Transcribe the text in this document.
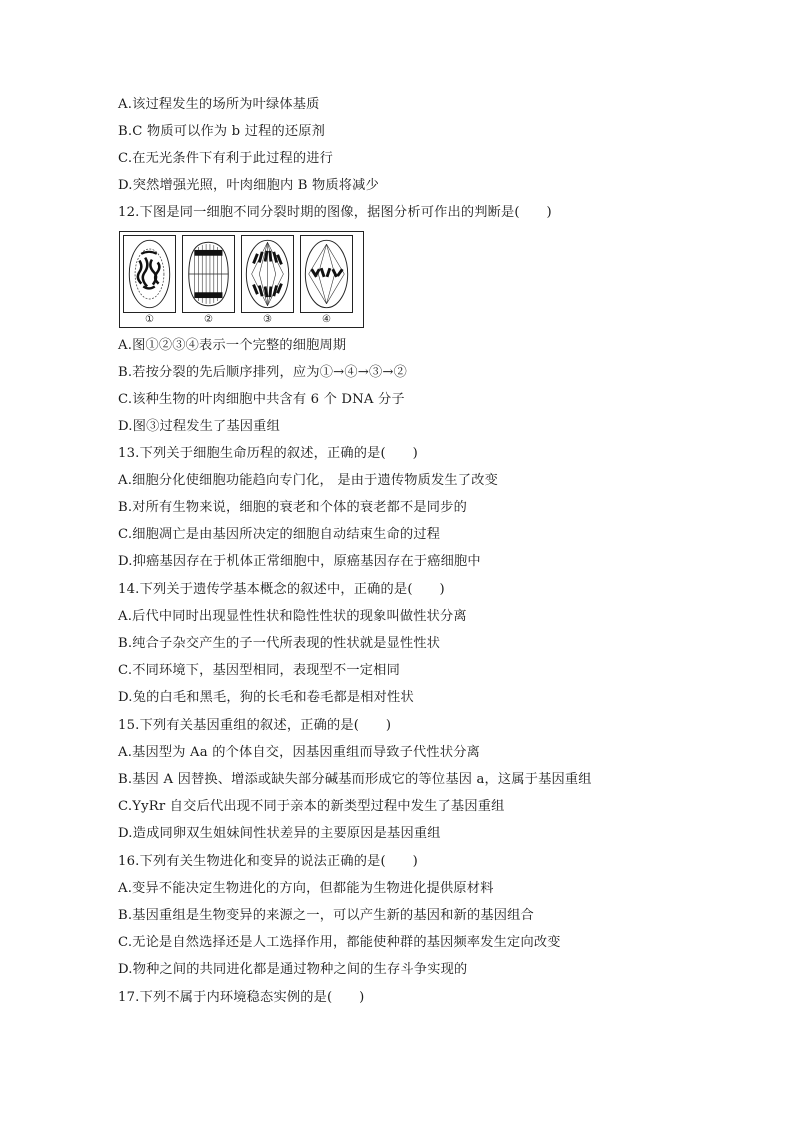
A.该过程发生的场所为叶绿体基质
B.C 物质可以作为 b 过程的还原剂
C.在无光条件下有利于此过程的进行
D.突然增强光照，叶肉细胞内 B 物质将减少
12.下图是同一细胞不同分裂时期的图像，据图分析可作出的判断是(　　)
①	②	③	④
A.图①②③④表示一个完整的细胞周期
B.若按分裂的先后顺序排列，应为①→④→③→②
C.该种生物的叶肉细胞中共含有 6 个 DNA 分子
D.图③过程发生了基因重组
13.下列关于细胞生命历程的叙述，正确的是(　　)
A.细胞分化使细胞功能趋向专门化， 是由于遗传物质发生了改变
B.对所有生物来说，细胞的衰老和个体的衰老都不是同步的
C.细胞凋亡是由基因所决定的细胞自动结束生命的过程
D.抑癌基因存在于机体正常细胞中，原癌基因存在于癌细胞中
14.下列关于遗传学基本概念的叙述中，正确的是(　　)
A.后代中同时出现显性性状和隐性性状的现象叫做性状分离
B.纯合子杂交产生的子一代所表现的性状就是显性性状
C.不同环境下，基因型相同，表现型不一定相同
D.兔的白毛和黑毛，狗的长毛和卷毛都是相对性状
15.下列有关基因重组的叙述，正确的是(　　)
A.基因型为 Aa 的个体自交，因基因重组而导致子代性状分离
B.基因 A 因替换、增添或缺失部分碱基而形成它的等位基因 a，这属于基因重组
C.YyRr 自交后代出现不同于亲本的新类型过程中发生了基因重组
D.造成同卵双生姐妹间性状差异的主要原因是基因重组
16.下列有关生物进化和变异的说法正确的是(　　)
A.变异不能决定生物进化的方向，但都能为生物进化提供原材料
B.基因重组是生物变异的来源之一，可以产生新的基因和新的基因组合
C.无论是自然选择还是人工选择作用，都能使种群的基因频率发生定向改变
D.物种之间的共同进化都是通过物种之间的生存斗争实现的
17.下列不属于内环境稳态实例的是(　　)
